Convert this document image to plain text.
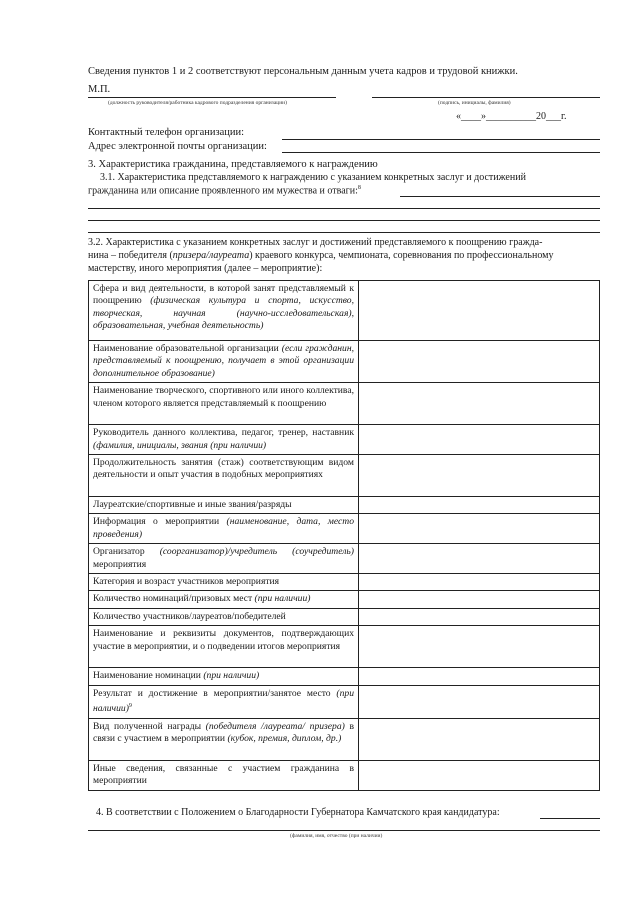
Сведения пунктов 1 и 2 соответствуют персональным данным учета кадров и трудовой книжки.
М.П.
(должность руководителя/работника кадрового подразделения организации)	(подпись, инициалы, фамилия)
«____»__________20___г.
Контактный телефон организации:
Адрес электронной почты организации:
3. Характеристика гражданина, представляемого к награждению
3.1. Характеристика представляемого к награждению с указанием конкретных заслуг и достижений
гражданина или описание проявленного им мужества и отваги:$^8$
3.2. Характеристика с указанием конкретных заслуг и достижений представляемого к поощрению гражда-
нина – победителя (призера/лауреата) краевого конкурса, чемпионата, соревнования по профессиональному
мастерству, иного мероприятия (далее – мероприятие):
Сфера и вид деятельности, в которой занят представляемый к поощрению (физическая культура и спорта, искусство, творческая, научная (научно-исследовательская), образовательная, учебная деятельность)	
Наименование образовательной организации (если гражданин, представляемый к поощрению, получает в этой организации дополнительное образование)	
Наименование творческого, спортивного или иного коллектива, членом которого является представляемый к поощрению	
Руководитель данного коллектива, педагог, тренер, наставник (фамилия, инициалы, звания (при наличии)	
Продолжительность занятия (стаж) соответствующим видом деятельности и опыт участия в подобных мероприятиях	
Лауреатские/спортивные и иные звания/разряды	
Информация о мероприятии (наименование, дата, место проведения)	
Организатор (соорганизатор)/учредитель (соучредитель) мероприятия	
Категория и возраст участников мероприятия	
Количество номинаций/призовых мест (при наличии)	
Количество участников/лауреатов/победителей	
Наименование и реквизиты документов, подтверждающих участие в мероприятии, и о подведении итогов мероприятия	
Наименование номинации (при наличии)	
Результат и достижение в мероприятии/занятое место (при наличии)$^9$	
Вид полученной награды (победителя /лауреата/ призера) в связи с участием в мероприятии (кубок, премия, диплом, др.)	
Иные сведения, связанные с участием гражданина в мероприятии	
4. В соответствии с Положением о Благодарности Губернатора Камчатского края кандидатура:
(фамилия, имя, отчество (при наличии)
